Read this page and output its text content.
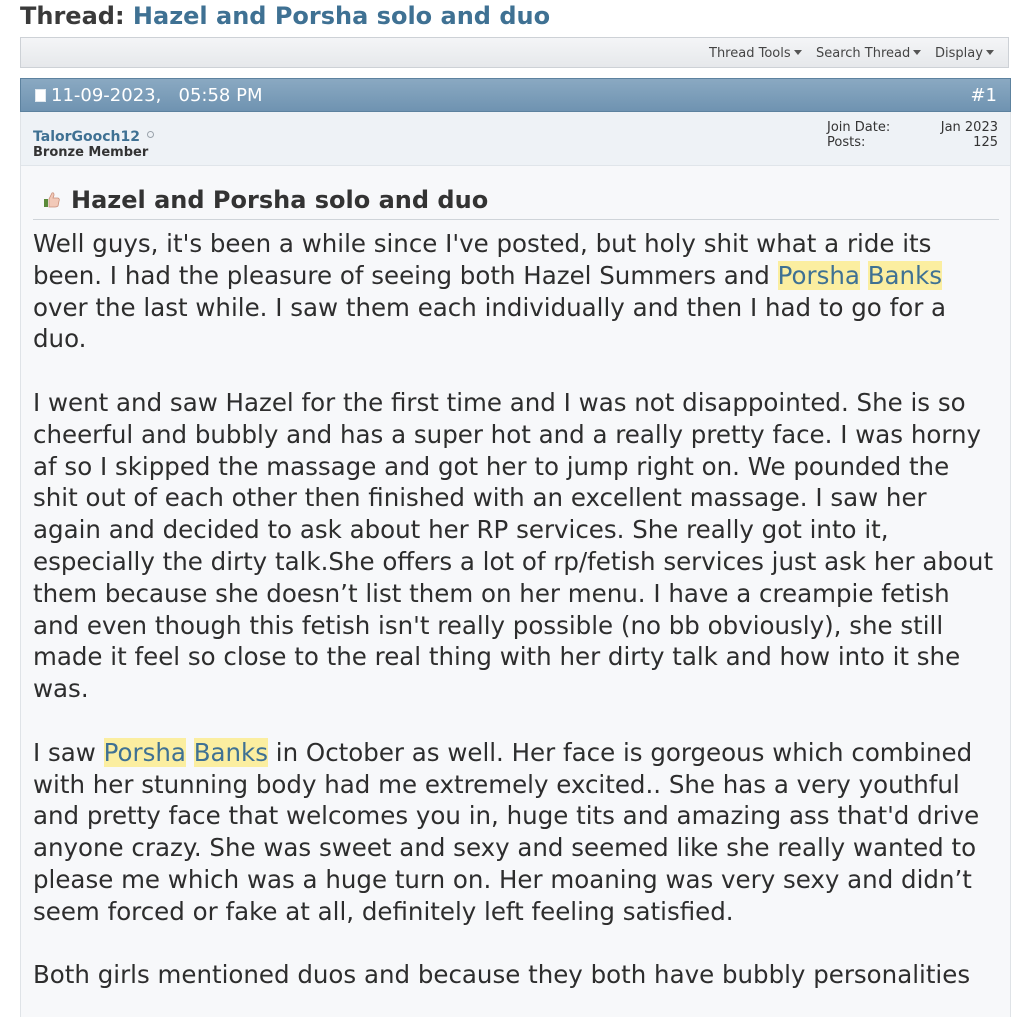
Thread: Hazel and Porsha solo and duo
Thread Tools	Search Thread	Display
11-09-2023, 05:58 PM	#1
TalorGooch12
Bronze Member
Join Date:	Jan 2023
Posts:	125
Hazel and Porsha solo and duo

Well guys, it's been a while since I've posted, but holy shit what a ride its been. I had the pleasure of seeing both Hazel Summers and Porsha Banks over the last while. I saw them each individually and then I had to go for a duo.

I went and saw Hazel for the first time and I was not disappointed. She is so cheerful and bubbly and has a super hot and a really pretty face. I was horny af so I skipped the massage and got her to jump right on. We pounded the shit out of each other then finished with an excellent massage. I saw her again and decided to ask about her RP services. She really got into it, especially the dirty talk.She offers a lot of rp/fetish services just ask her about them because she doesn’t list them on her menu. I have a creampie fetish and even though this fetish isn't really possible (no bb obviously), she still made it feel so close to the real thing with her dirty talk and how into it she was.

I saw Porsha Banks in October as well. Her face is gorgeous which combined with her stunning body had me extremely excited.. She has a very youthful and pretty face that welcomes you in, huge tits and amazing ass that'd drive anyone crazy. She was sweet and sexy and seemed like she really wanted to please me which was a huge turn on. Her moaning was very sexy and didn’t seem forced or fake at all, definitely left feeling satisfied.

Both girls mentioned duos and because they both have bubbly personalities
